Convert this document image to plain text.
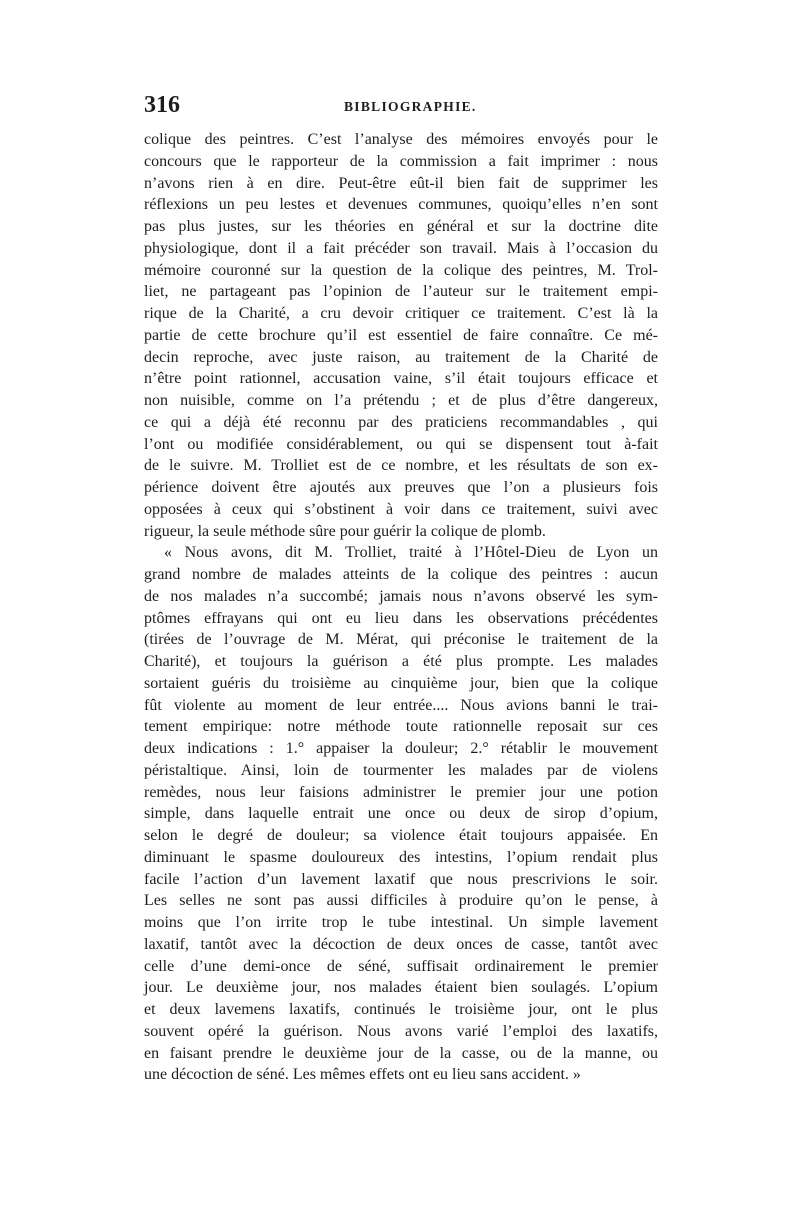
316	BIBLIOGRAPHIE.
colique des peintres. C’est l’analyse des mémoires envoyés pour le
concours que le rapporteur de la commission a fait imprimer : nous
n’avons rien à en dire. Peut-être eût-il bien fait de supprimer les
réflexions un peu lestes et devenues communes, quoiqu’elles n’en sont
pas plus justes, sur les théories en général et sur la doctrine dite
physiologique, dont il a fait précéder son travail. Mais à l’occasion du
mémoire couronné sur la question de la colique des peintres, M. Trol-
liet, ne partageant pas l’opinion de l’auteur sur le traitement empi-
rique de la Charité, a cru devoir critiquer ce traitement. C’est là la
partie de cette brochure qu’il est essentiel de faire connaître. Ce mé-
decin reproche, avec juste raison, au traitement de la Charité de
n’être point rationnel, accusation vaine, s’il était toujours efficace et
non nuisible, comme on l’a prétendu ; et de plus d’être dangereux,
ce qui a déjà été reconnu par des praticiens recommandables , qui
l’ont ou modifiée considérablement, ou qui se dispensent tout à-fait
de le suivre. M. Trolliet est de ce nombre, et les résultats de son ex-
périence doivent être ajoutés aux preuves que l’on a plusieurs fois
opposées à ceux qui s’obstinent à voir dans ce traitement, suivi avec
rigueur, la seule méthode sûre pour guérir la colique de plomb.
« Nous avons, dit M. Trolliet, traité à l’Hôtel-Dieu de Lyon un
grand nombre de malades atteints de la colique des peintres : aucun
de nos malades n’a succombé; jamais nous n’avons observé les sym-
ptômes effrayans qui ont eu lieu dans les observations précédentes
(tirées de l’ouvrage de M. Mérat, qui préconise le traitement de la
Charité), et toujours la guérison a été plus prompte. Les malades
sortaient guéris du troisième au cinquième jour, bien que la colique
fût violente au moment de leur entrée.... Nous avions banni le trai-
tement empirique: notre méthode toute rationnelle reposait sur ces
deux indications : 1.° appaiser la douleur; 2.° rétablir le mouvement
péristaltique. Ainsi, loin de tourmenter les malades par de violens
remèdes, nous leur faisions administrer le premier jour une potion
simple, dans laquelle entrait une once ou deux de sirop d’opium,
selon le degré de douleur; sa violence était toujours appaisée. En
diminuant le spasme douloureux des intestins, l’opium rendait plus
facile l’action d’un lavement laxatif que nous prescrivions le soir.
Les selles ne sont pas aussi difficiles à produire qu’on le pense, à
moins que l’on irrite trop le tube intestinal. Un simple lavement
laxatif, tantôt avec la décoction de deux onces de casse, tantôt avec
celle d’une demi-once de séné, suffisait ordinairement le premier
jour. Le deuxième jour, nos malades étaient bien soulagés. L’opium
et deux lavemens laxatifs, continués le troisième jour, ont le plus
souvent opéré la guérison. Nous avons varié l’emploi des laxatifs,
en faisant prendre le deuxième jour de la casse, ou de la manne, ou
une décoction de séné. Les mêmes effets ont eu lieu sans accident. »
